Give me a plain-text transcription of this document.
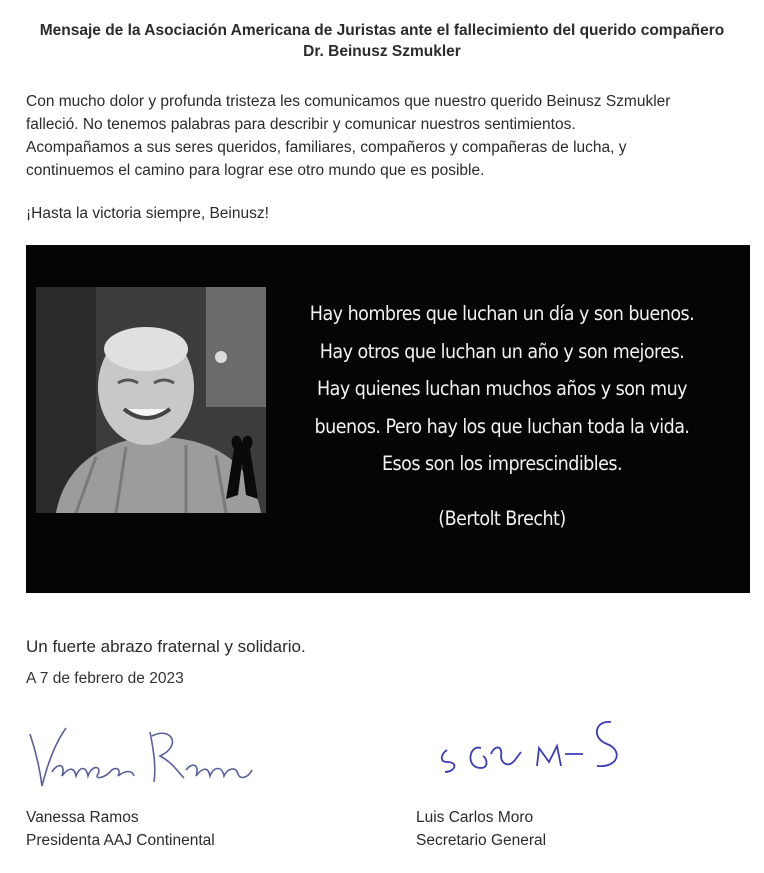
Mensaje de la Asociación Americana de Juristas ante el fallecimiento del querido compañero
Dr. Beinusz Szmukler
Con mucho dolor y profunda tristeza les comunicamos que nuestro querido Beinusz Szmukler
falleció. No tenemos palabras para describir y comunicar nuestros sentimientos.
Acompañamos a sus seres queridos, familiares, compañeros y compañeras de lucha, y
continuemos el camino para lograr ese otro mundo que es posible.
¡Hasta la victoria siempre, Beinusz!
Hay hombres que luchan un día y son buenos.
Hay otros que luchan un año y son mejores.
Hay quienes luchan muchos años y son muy
buenos. Pero hay los que luchan toda la vida.
Esos son los imprescindibles.
(Bertolt Brecht)
Un fuerte abrazo fraternal y solidario.
A 7 de febrero de 2023
Vanessa Ramos
Presidenta AAJ Continental
Luis Carlos Moro
Secretario General
